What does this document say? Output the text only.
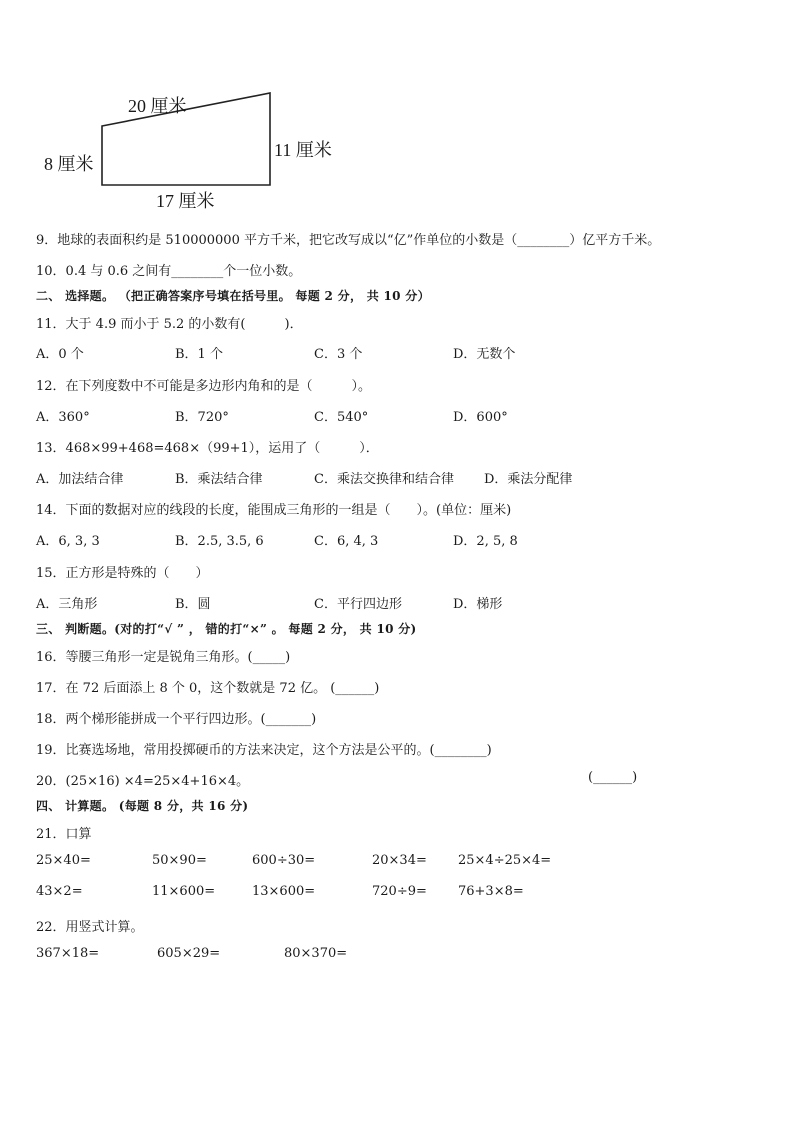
20 厘米
8 厘米
11 厘米
17 厘米
9．地球的表面积约是 510000000 平方千米，把它改写成以“亿”作单位的小数是（________）亿平方千米。
10．0.4 与 0.6 之间有________个一位小数。
二、 选择题。 （把正确答案序号填在括号里。 每题 2 分， 共 10 分）
11．大于 4.9 而小于 5.2 的小数有(　　　)．
A．0 个	B．1 个	C．3 个	D．无数个
12．在下列度数中不可能是多边形内角和的是（　　　）。
A．360°	B．720°	C．540°	D．600°
13．468×99+468=468×（99+1），运用了（　　　）．
A．加法结合律	B．乘法结合律	C．乘法交换律和结合律 D．乘法分配律
14．下面的数据对应的线段的长度，能围成三角形的一组是（　　）。(单位：厘米)
A．6, 3, 3	B．2.5, 3.5, 6	C．6, 4, 3	D．2, 5, 8
15．正方形是特殊的（　　）
A．三角形	B．圆	C．平行四边形	D．梯形
三、 判断题。(对的打“√ ” ， 错的打“×” 。 每题 2 分， 共 10 分)
16．等腰三角形一定是锐角三角形。(_____)
17．在 72 后面添上 8 个 0，这个数就是 72 亿。 (______)
18．两个梯形能拼成一个平行四边形。(_______)
19．比赛选场地，常用投掷硬币的方法来决定，这个方法是公平的。(________)
20．(25×16) ×4=25×4+16×4。	(______)
四、 计算题。 (每题 8 分，共 16 分)
21．口算
25×40=	50×90=	600÷30=	20×34= 25×4÷25×4=
43×2=	11×600=	13×600=	720÷9= 76+3×8=
22．用竖式计算。
367×18=	605×29=	80×370=
